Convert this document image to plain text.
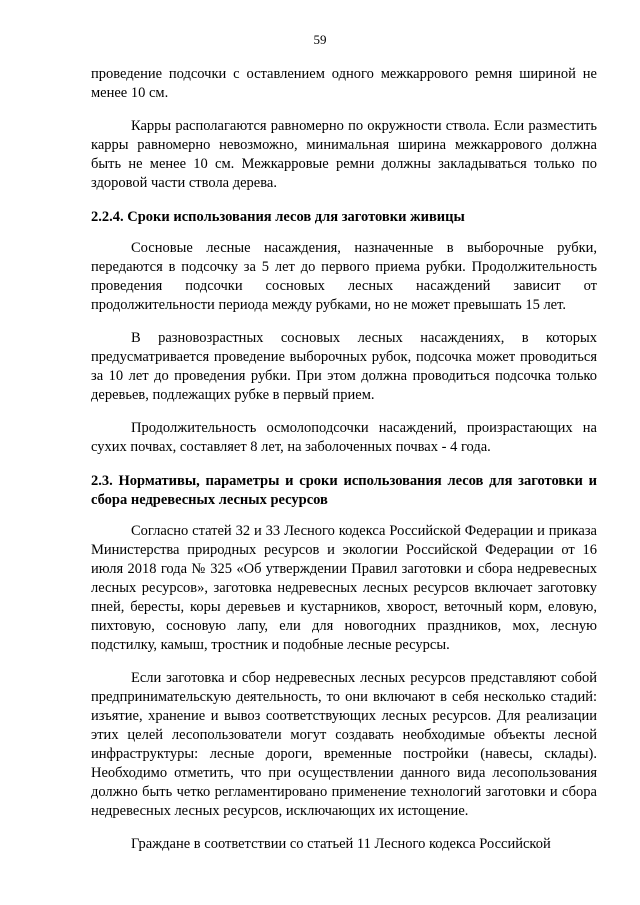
59

проведение подсочки с оставлением одного межкаррового ремня шириной не менее 10 см.

Карры располагаются равномерно по окружности ствола. Если разместить карры равномерно невозможно, минимальная ширина межкаррового должна быть не менее 10 см. Межкарровые ремни должны закладываться только по здоровой части ствола дерева.

2.2.4. Сроки использования лесов для заготовки живицы

Сосновые лесные насаждения, назначенные в выборочные рубки, передаются в подсочку за 5 лет до первого приема рубки. Продолжительность проведения подсочки сосновых лесных насаждений зависит от продолжительности периода между рубками, но не может превышать 15 лет.

В разновозрастных сосновых лесных насаждениях, в которых предусматривается проведение выборочных рубок, подсочка может проводиться за 10 лет до проведения рубки. При этом должна проводиться подсочка только деревьев, подлежащих рубке в первый прием.

Продолжительность осмолоподсочки насаждений, произрастающих на сухих почвах, составляет 8 лет, на заболоченных почвах - 4 года.

2.3. Нормативы, параметры и сроки использования лесов для заготовки и сбора недревесных лесных ресурсов

Согласно статей 32 и 33 Лесного кодекса Российской Федерации и приказа Министерства природных ресурсов и экологии Российской Федерации от 16 июля 2018 года № 325 «Об утверждении Правил заготовки и сбора недревесных лесных ресурсов», заготовка недревесных лесных ресурсов включает заготовку пней, бересты, коры деревьев и кустарников, хворост, веточный корм, еловую, пихтовую, сосновую лапу, ели для новогодних праздников, мох, лесную подстилку, камыш, тростник и подобные лесные ресурсы.

Если заготовка и сбор недревесных лесных ресурсов представляют собой предпринимательскую деятельность, то они включают в себя несколько стадий: изъятие, хранение и вывоз соответствующих лесных ресурсов. Для реализации этих целей лесопользователи могут создавать необходимые объекты лесной инфраструктуры: лесные дороги, временные постройки (навесы, склады). Необходимо отметить, что при осуществлении данного вида лесопользования должно быть четко регламентировано применение технологий заготовки и сбора недревесных лесных ресурсов, исключающих их истощение.

Граждане в соответствии со статьей 11 Лесного кодекса Российской
